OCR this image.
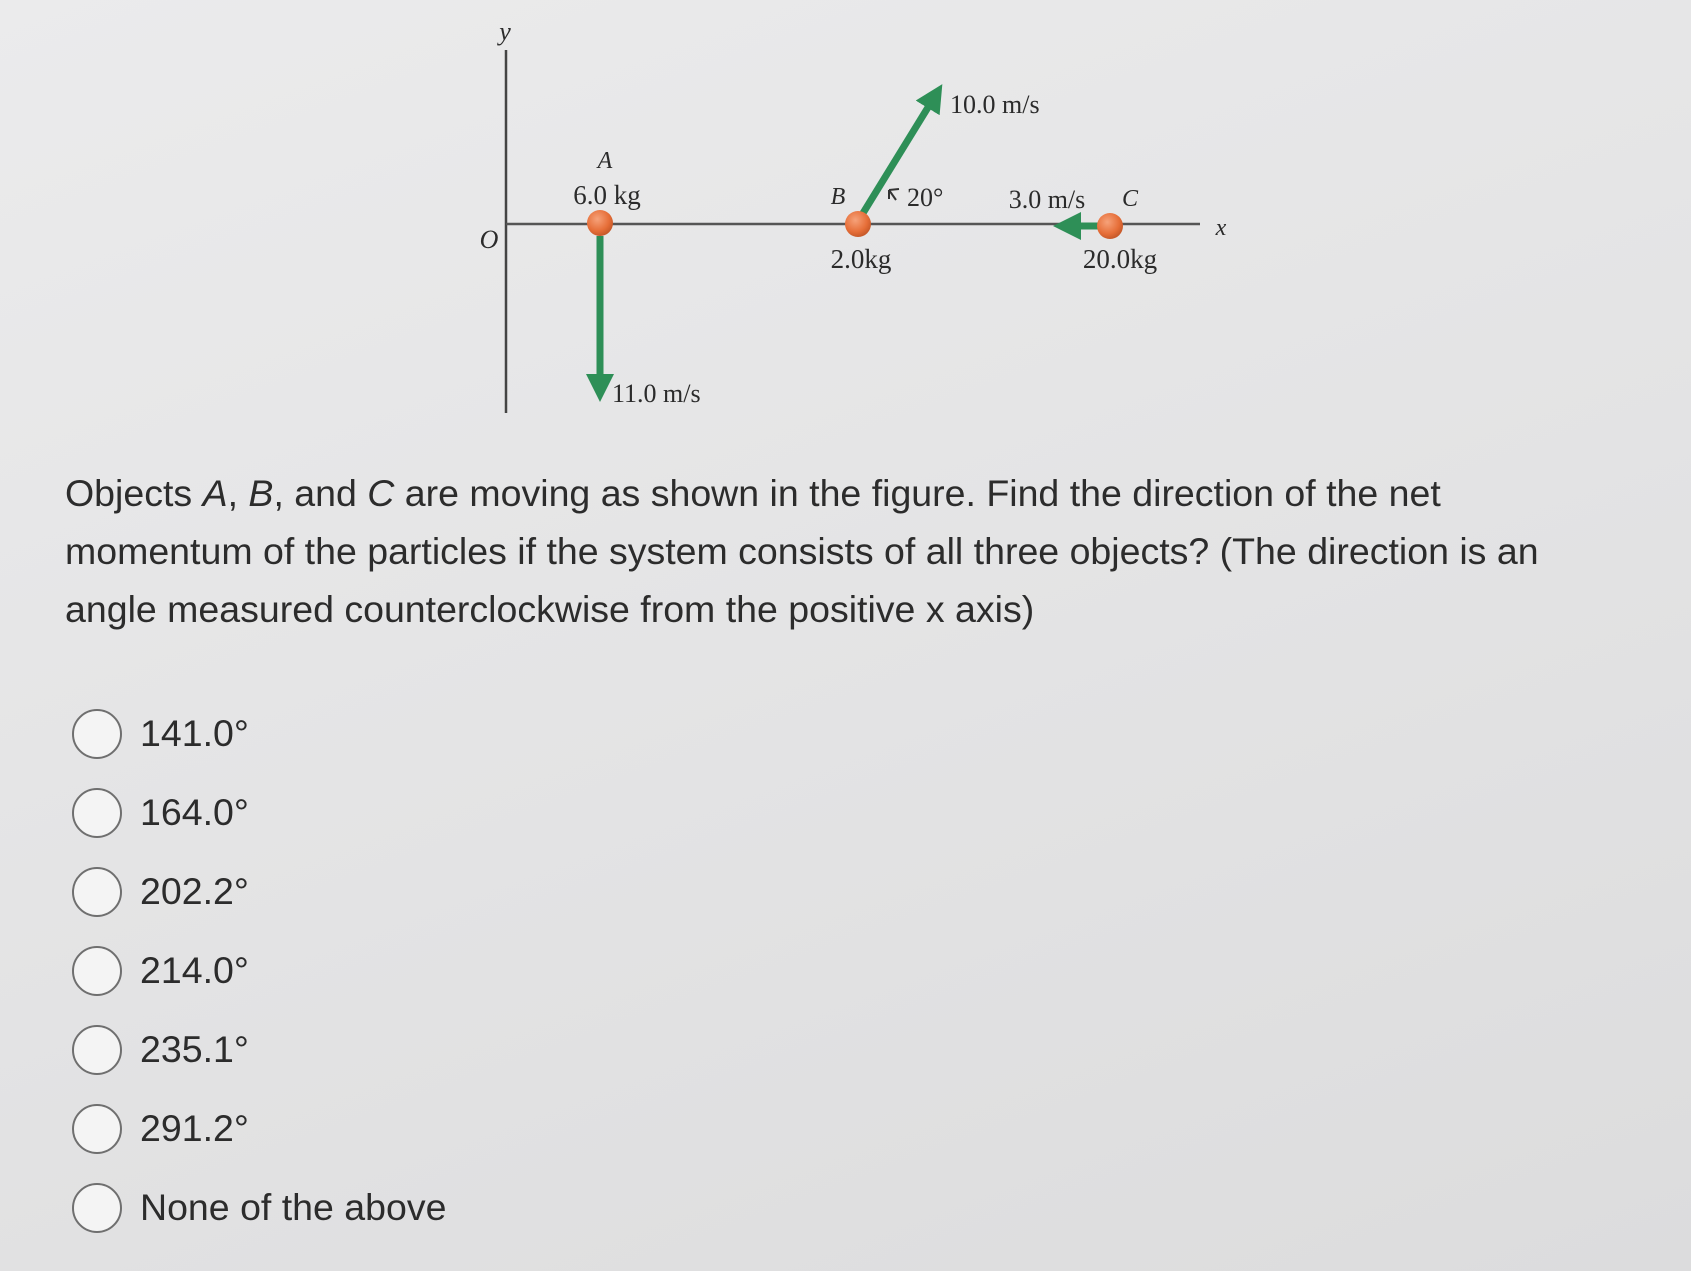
y
x
O
A
6.0 kg
11.0 m/s
B
2.0kg
10.0 m/s
20°	3.0 m/s C
20.0kg

Objects A, B, and C are moving as shown in the figure. Find the direction of the net momentum of the particles if the system consists of all three objects? (The direction is an angle measured counterclockwise from the positive x axis)

141.0°
164.0°
202.2°
214.0°
235.1°
291.2°
None of the above
